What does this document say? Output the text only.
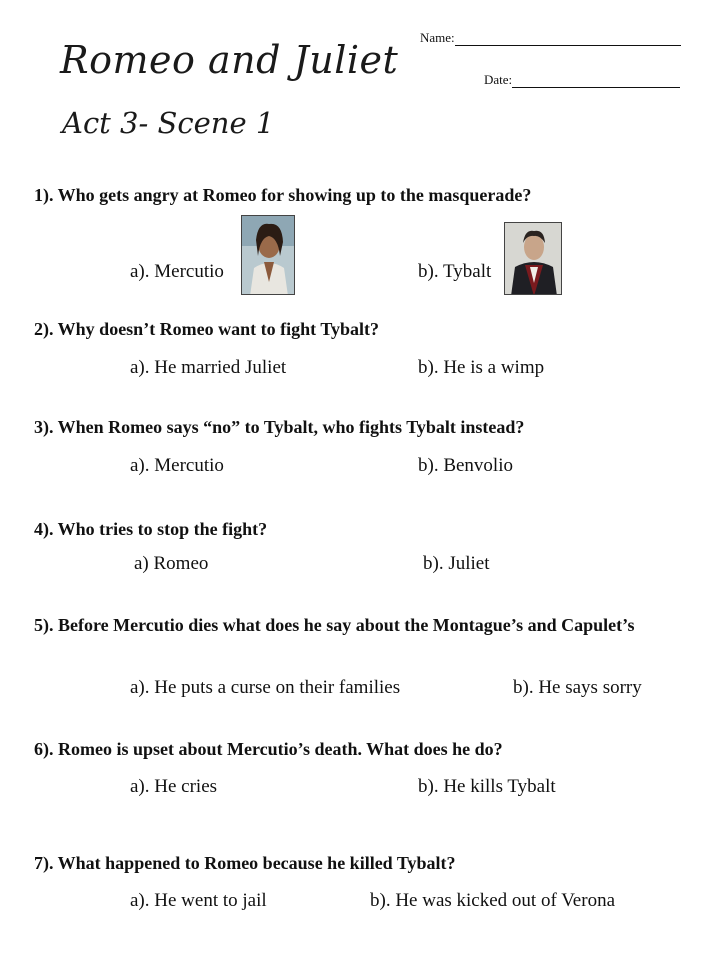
Romeo and Juliet
Act 3- Scene 1
Name:
Date:
1). Who gets angry at Romeo for showing up to the masquerade?
a). Mercutio	b). Tybalt
2). Why doesn’t Romeo want to fight Tybalt?
a). He married Juliet	b). He is a wimp
3). When Romeo says “no” to Tybalt, who fights Tybalt instead?
a). Mercutio	b). Benvolio
4). Who tries to stop the fight?
a) Romeo	b). Juliet
5). Before Mercutio dies what does he say about the Montague’s and Capulet’s
a). He puts a curse on their families	b). He says sorry
6). Romeo is upset about Mercutio’s death. What does he do?
a). He cries	b). He kills Tybalt
7). What happened to Romeo because he killed Tybalt?
a). He went to jail	b). He was kicked out of Verona
